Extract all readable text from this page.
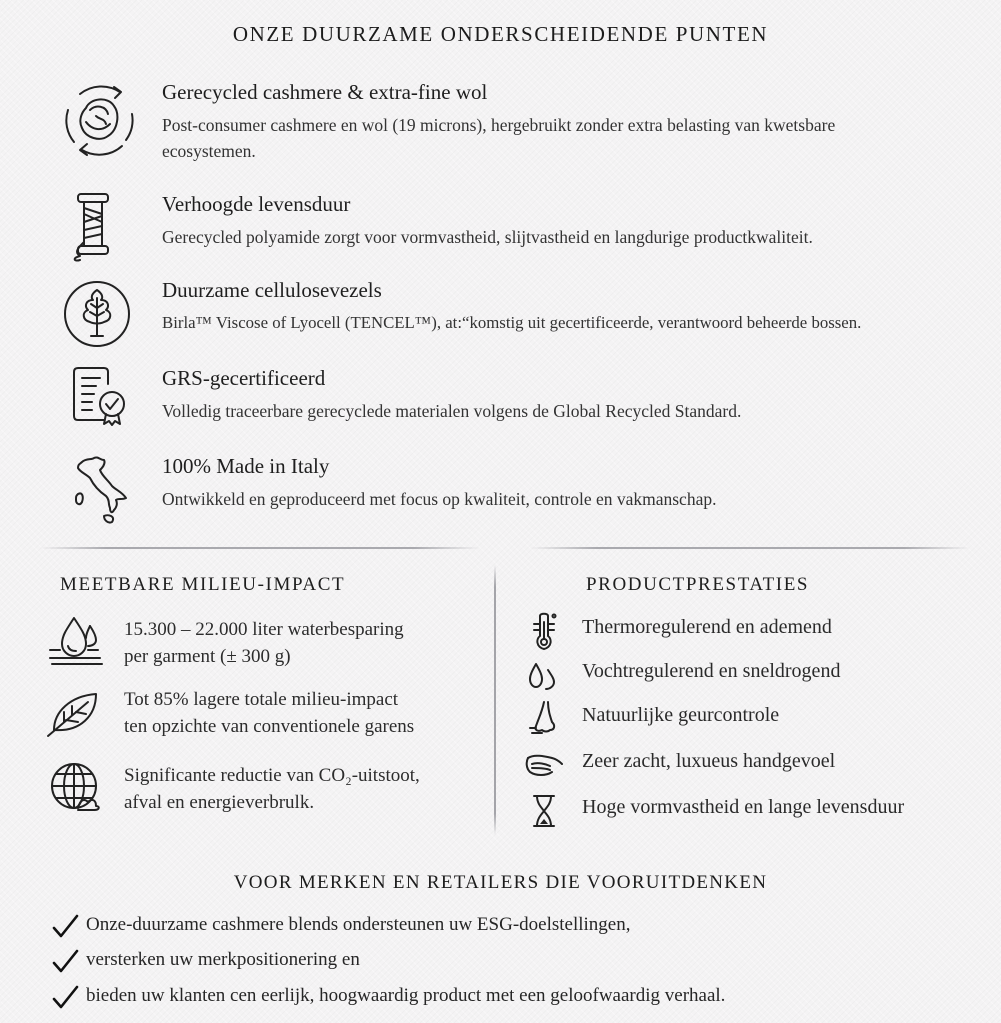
ONZE DUURZAME ONDERSCHEIDENDE PUNTEN
Gerecycled cashmere & extra-fine wol
Post-consumer cashmere en wol (19 microns), hergebruikt zonder extra belasting van kwetsbare ecosystemen.
Verhoogde levensduur
Gerecycled polyamide zorgt voor vormvastheid, slijtvastheid en langdurige productkwaliteit.
Duurzame cellulosevezels
Birla™ Viscose of Lyocell (TENCEL™), at:“komstig uit gecertificeerde, verantwoord beheerde bossen.
GRS-gecertificeerd
Volledig traceerbare gerecyclede materialen volgens de Global Recycled Standard.
100% Made in Italy
Ontwikkeld en geproduceerd met focus op kwaliteit, controle en vakmanschap.
MEETBARE MILIEU-IMPACT
15.300 – 22.000 liter waterbesparing
per garment (± 300 g)
Tot 85% lagere totale milieu-impact
ten opzichte van conventionele garens
Significante reductie van CO₂-uitstoot,
afval en energieverbrulk.
PRODUCTPRESTATIES
Thermoregulerend en ademend
Vochtregulerend en sneldrogend
Natuurlijke geurcontrole
Zeer zacht, luxueus handgevoel
Hoge vormvastheid en lange levensduur
VOOR MERKEN EN RETAILERS DIE VOORUITDENKEN
Onze-duurzame cashmere blends ondersteunen uw ESG-doelstellingen,
versterken uw merkpositionering en
bieden uw klanten cen eerlijk, hoogwaardig product met een geloofwaardig verhaal.
